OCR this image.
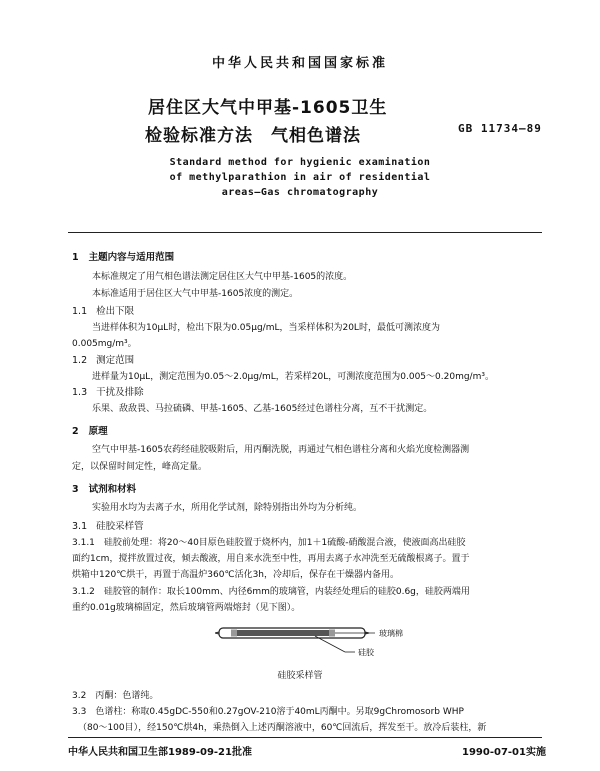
中华人民共和国国家标准
居住区大气中甲基-1605卫生
检验标准方法　气相色谱法	GB 11734—89
Standard method for hygienic examination
of methylparathion in air of residential
areas—Gas chromatography
1 主题内容与适用范围
本标准规定了用气相色谱法测定居住区大气中甲基-1605的浓度。
本标准适用于居住区大气中甲基-1605浓度的测定。
1.1 检出下限
当进样体积为10μL时，检出下限为0.05μg/mL，当采样体积为20L时，最低可测浓度为
0.005mg/m³。
1.2 测定范围
进样量为10μL，测定范围为0.05～2.0μg/mL，若采样20L，可测浓度范围为0.005～0.20mg/m³。
1.3 干扰及排除
乐果、敌敌畏、马拉硫磷、甲基-1605、乙基-1605经过色谱柱分离，互不干扰测定。
2 原理
空气中甲基-1605农药经硅胶吸附后，用丙酮洗脱，再通过气相色谱柱分离和火焰光度检测器测
定，以保留时间定性，峰高定量。
3 试剂和材料
实验用水均为去离子水，所用化学试剂，除特别指出外均为分析纯。
3.1 硅胶采样管
3.1.1　硅胶前处理：将20～40目原色硅胶置于烧杯内，加1＋1硫酸-硝酸混合液，使液面高出硅胶
面约1cm，搅拌放置过夜，倾去酸液，用自来水洗至中性，再用去离子水冲洗至无硫酸根离子。置于
烘箱中120℃烘干，再置于高温炉360℃活化3h，冷却后，保存在干燥器内备用。
3.1.2　硅胶管的制作：取长100mm、内径6mm的玻璃管，内装经处理后的硅胶0.6g，硅胶两端用
重约0.01g玻璃棉固定，然后玻璃管两端熔封（见下图）。
玻璃棉
硅胶
硅胶采样管
3.2　丙酮：色谱纯。
3.3　色谱柱：称取0.45gDC-550和0.27gOV-210溶于40mL丙酮中。另取9gChromosorb WHP
（80～100目），经150℃烘4h，乘热倒入上述丙酮溶液中，60℃回流后，挥发至干。放冷后装柱，新
中华人民共和国卫生部1989-09-21批准	1990-07-01实施
